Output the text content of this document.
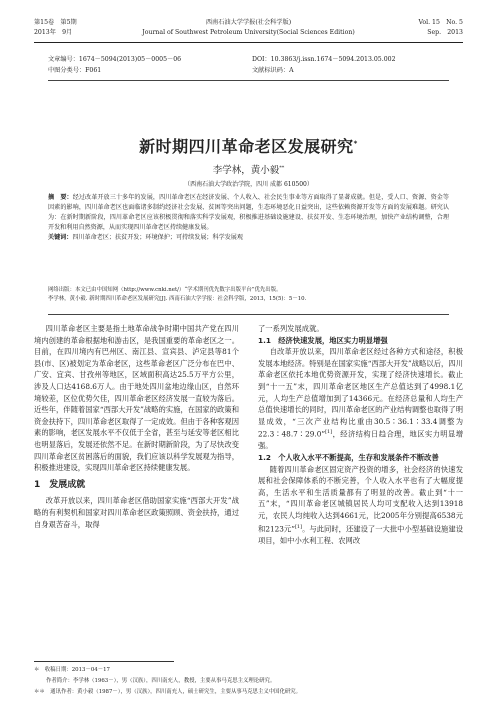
第15卷　第5期
2013年　9月
西南石油大学学报(社会科学版)
Journal of Southwest Petroleum University(Social Sciences Edition)
Vol. 15　No. 5
Sep.　2013
文章编号：1674－5094(2013)05－0005－06
中图分类号：F061
DOI：10.3863/j.issn.1674－5094.2013.05.002
文献标识码：A
新时期四川革命老区发展研究*
李学林，黄小毅**
（西南石油大学政治学院，四川 成都 610500）
摘　要：经过改革开放三十多年的发展，四川革命老区在经济发展、个人收入、社会民生事业等方面取得了显著成就。但是，受人口、资源、资金等因素的影响，四川革命老区也面临诸多制约经济社会发展、贫困等突出问题，生态环境恶化日益突出，这些依赖资源开发等方面的发展难题。研究认为：在新时期新阶段，四川革命老区应该积极贯彻和落实科学发展观，积极推进基础设施建设、扶贫开发、生态环境治理，加快产业结构调整，合理开发和利用自然资源，从而实现四川革命老区持续健康发展。
关键词：四川革命老区；扶贫开发；环境保护；可持续发展；科学发展观
网络出版：本文已由中国知网（http://www.cnki.net/）“学术期刊优先数字出版平台”优先出版。
李学林，黄小毅. 新时期四川革命老区发展研究[J]. 西南石油大学学报：社会科学版，2013，15(5)：5－10.

四川革命老区主要是指土地革命战争时期中国共产党在四川境内创建的革命根据地和游击区，是我国重要的革命老区之一。目前，在四川境内有巴州区、南江县、宣宾县、泸定县等81个县(市、区)被划定为革命老区，这些革命老区广泛分布在巴中、广安、宜宾、甘孜州等地区，区域面积高达25.5万平方公里，涉及人口达4168.6万人。由于地处四川盆地边缘山区，自然环境较差，区位优势欠佳，四川革命老区经济发展一直较为落后。近些年，伴随着国家“西部大开发”战略的实施，在国家的政策和资金扶持下，四川革命老区取得了一定成效。但由于各种客观因素的影响，老区发展水平不仅低于全省，甚至与延安等老区相比也明显落后，发展还依然不足。在新时期新阶段，为了尽快改变四川革命老区贫困落后的面貌，我们应该以科学发展观为指导，积极推进建设，实现四川革命老区持续健康发展。

1　发展成就

改革开放以来，四川革命老区借助国家实施“西部大开发”战略的有利契机和国家对四川革命老区政策照顾、资金扶持，通过自身艰苦奋斗，取得

了一系列发展成就。

1.1　经济快速发展，地区实力明显增强

自改革开放以来，四川革命老区经过各种方式和途径，积极发展本地经济。特别是在国家实施“西部大开发”战略以后，四川革命老区依托本地优势资源开发，实现了经济快速增长。截止到“十一五”末，四川革命老区地区生产总值达到了4998.1亿元，人均生产总值增加到了14366元。在经济总量和人均生产总值快速增长的同时，四川革命老区的产业结构调整也取得了明显成效，“三次产业结构比重由30.5∶36.1∶33.4调整为22.3∶48.7∶29.0”[1]，经济结构日趋合理，地区实力明显增强。

1.2　个人收入水平不断提高，生存和发展条件不断改善

随着四川革命老区固定资产投资的增多，社会经济的快速发展和社会保障体系的不断完善，个人收入水平也有了大幅度提高，生活水平和生活质量都有了明显的改善。截止到“十一五”末，“四川革命老区城镇居民人均可支配收入达到13918元，农民人均纯收入达到4661元，比2005年分别提高6538元和2123元”[1]。与此同时，还建设了一大批中小型基础设施建设项目，如中小水利工程、农网改

＊　收稿日期：2013－04－17
作者简介：李学林（1963－），男（汉族），四川南充人，教授，主要从事马克思主义理论研究。
＊＊　通讯作者：黄小毅（1987－），男（汉族），四川南充人，硕士研究生，主要从事马克思主义中国化研究。
